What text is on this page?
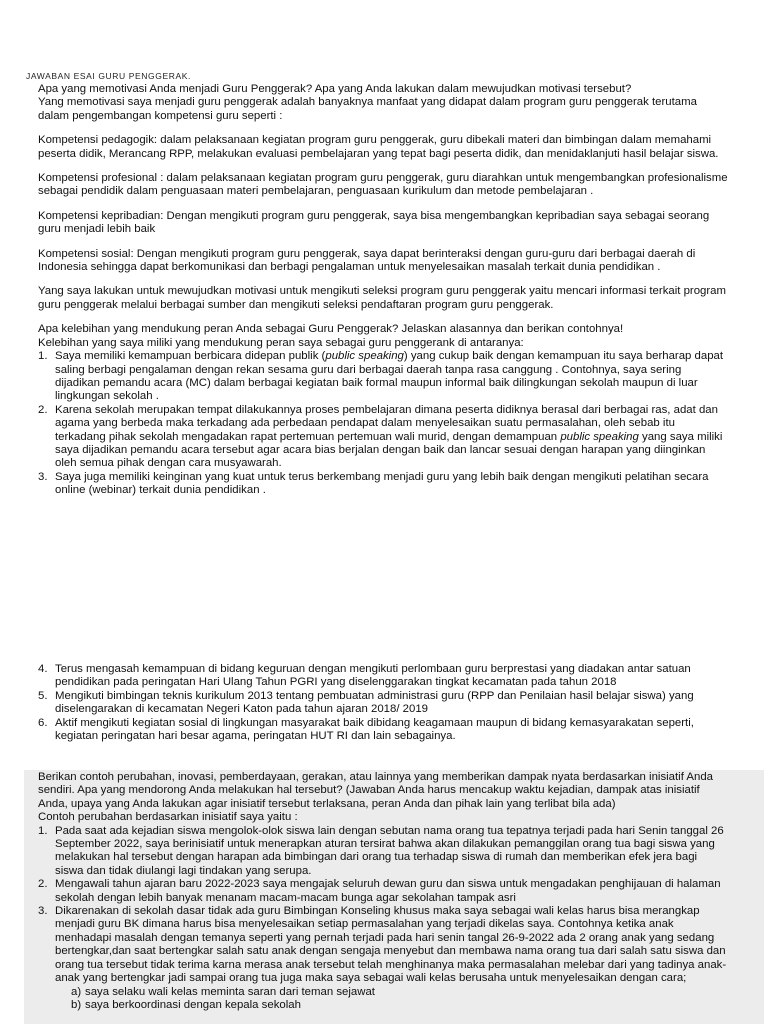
JAWABAN ESAI GURU PENGGERAK.

Apa yang memotivasi Anda menjadi Guru Penggerak? Apa yang Anda lakukan dalam mewujudkan motivasi tersebut?

Yang memotivasi saya menjadi guru penggerak adalah banyaknya manfaat yang didapat dalam program guru penggerak terutama dalam pengembangan kompetensi guru seperti :

Kompetensi pedagogik: dalam pelaksanaan kegiatan program guru penggerak, guru dibekali materi dan bimbingan dalam memahami peserta didik, Merancang RPP, melakukan evaluasi pembelajaran yang tepat bagi peserta didik, dan menidaklanjuti hasil belajar siswa.

Kompetensi profesional : dalam pelaksanaan kegiatan program guru penggerak, guru diarahkan untuk mengembangkan profesionalisme sebagai pendidik dalam penguasaan materi pembelajaran, penguasaan kurikulum dan metode pembelajaran .

Kompetensi kepribadian: Dengan mengikuti program guru penggerak, saya bisa mengembangkan kepribadian saya sebagai seorang guru menjadi lebih baik

Kompetensi sosial: Dengan mengikuti program guru penggerak, saya dapat berinteraksi dengan guru-guru dari berbagai daerah di Indonesia sehingga dapat berkomunikasi dan berbagi pengalaman untuk menyelesaikan masalah terkait dunia pendidikan .

Yang saya lakukan untuk mewujudkan motivasi untuk mengikuti seleksi program guru penggerak yaitu mencari informasi terkait program guru penggerak melalui berbagai sumber dan mengikuti seleksi pendaftaran program guru penggerak.

Apa kelebihan yang mendukung peran Anda sebagai Guru Penggerak? Jelaskan alasannya dan berikan contohnya!

Kelebihan yang saya miliki yang mendukung peran saya sebagai guru penggerank di antaranya:

1. Saya memiliki kemampuan berbicara didepan publik (public speaking) yang cukup baik dengan kemampuan itu saya berharap dapat saling berbagi pengalaman dengan rekan sesama guru dari berbagai daerah tanpa rasa canggung . Contohnya, saya sering dijadikan pemandu acara (MC) dalam berbagai kegiatan baik formal maupun informal baik dilingkungan sekolah maupun di luar lingkungan sekolah .
2. Karena sekolah merupakan tempat dilakukannya proses pembelajaran dimana peserta didiknya berasal dari berbagai ras, adat dan agama yang berbeda maka terkadang ada perbedaan pendapat dalam menyelesaikan suatu permasalahan, oleh sebab itu terkadang pihak sekolah mengadakan rapat pertemuan pertemuan wali murid, dengan demampuan public speaking yang saya miliki saya dijadikan pemandu acara tersebut agar acara bias berjalan dengan baik dan lancar sesuai dengan harapan yang diinginkan oleh semua pihak dengan cara musyawarah.
3. Saya juga memiliki keinginan yang kuat untuk terus berkembang menjadi guru yang lebih baik dengan mengikuti pelatihan secara online (webinar) terkait dunia pendidikan .
4. Terus mengasah kemampuan di bidang keguruan dengan mengikuti perlombaan guru berprestasi yang diadakan antar satuan pendidikan pada peringatan Hari Ulang Tahun PGRI yang diselenggarakan tingkat kecamatan pada tahun 2018
5. Mengikuti bimbingan teknis kurikulum 2013 tentang pembuatan administrasi guru (RPP dan Penilaian hasil belajar siswa) yang diselengarakan di kecamatan Negeri Katon pada tahun ajaran 2018/ 2019
6. Aktif mengikuti kegiatan sosial di lingkungan masyarakat baik dibidang keagamaan maupun di bidang kemasyarakatan seperti, kegiatan peringatan hari besar agama, peringatan HUT RI dan lain sebagainya.

Berikan contoh perubahan, inovasi, pemberdayaan, gerakan, atau lainnya yang memberikan dampak nyata berdasarkan inisiatif Anda sendiri. Apa yang mendorong Anda melakukan hal tersebut? (Jawaban Anda harus mencakup waktu kejadian, dampak atas inisiatif Anda, upaya yang Anda lakukan agar inisiatif tersebut terlaksana, peran Anda dan pihak lain yang terlibat bila ada)

Contoh perubahan berdasarkan inisiatif saya yaitu :

1. Pada saat ada kejadian siswa mengolok-olok siswa lain dengan sebutan nama orang tua tepatnya terjadi pada hari Senin tanggal 26 September 2022, saya berinisiatif untuk menerapkan aturan tersirat bahwa akan dilakukan pemanggilan orang tua bagi siswa yang melakukan hal tersebut dengan harapan ada bimbingan dari orang tua terhadap siswa di rumah dan memberikan efek jera bagi siswa dan tidak diulangi lagi tindakan yang serupa.
2. Mengawali tahun ajaran baru 2022-2023 saya mengajak seluruh dewan guru dan siswa untuk mengadakan penghijauan di halaman sekolah dengan lebih banyak menanam macam-macam bunga agar sekolahan tampak asri
3. Dikarenakan di sekolah dasar tidak ada guru Bimbingan Konseling khusus maka saya sebagai wali kelas harus bisa merangkap menjadi guru BK dimana harus bisa menyelesaikan setiap permasalahan yang terjadi dikelas saya. Contohnya ketika anak menhadapi masalah dengan temanya seperti yang pernah terjadi pada hari senin tangal 26-9-2022 ada 2 orang anak yang sedang bertengkar,dan saat bertengkar salah satu anak dengan sengaja menyebut dan membawa nama orang tua dari salah satu siswa dan orang tua tersebut tidak terima karna merasa anak tersebut telah menghinanya maka permasalahan melebar dari yang tadinya anak-anak yang bertengkar jadi sampai orang tua juga maka saya sebagai wali kelas berusaha untuk menyelesaikan dengan cara;
a) saya selaku wali kelas meminta saran dari teman sejawat
b) saya berkoordinasi dengan kepala sekolah
